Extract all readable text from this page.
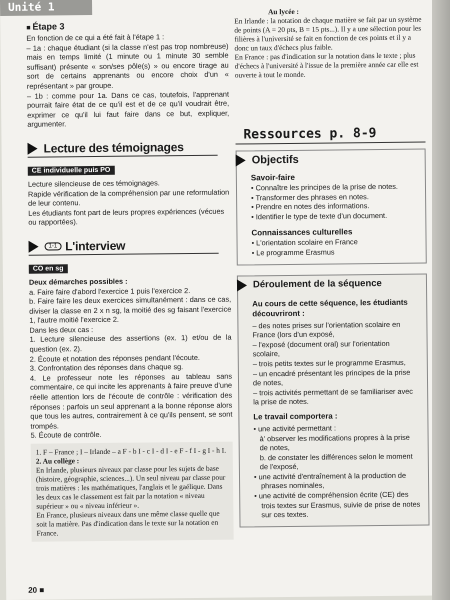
Unité 1
■ Étape 3

En fonction de ce qui a été fait à l'étape 1 :

– 1a : chaque étudiant (si la classe n'est pas trop nombreuse) mais en temps limité (1 minute ou 1 minute 30 semble suffisant) présente « son/ses pôle(s) » ou encore tirage au sort de certains apprenants ou encore choix d'un « représentant » par groupe.

– 1b : comme pour 1a. Dans ce cas, toutefois, l'apprenant pourrait faire état de ce qu'il est et de ce qu'il voudrait être, exprimer ce qu'il lui faut faire dans ce but, expliquer, argumenter.

Lecture des témoignages
CE individuelle puis PO

Lecture silencieuse de ces témoignages.

Rapide vérification de la compréhension par une reformulation de leur contenu.

Les étudiants font part de leurs propres expériences (vécues ou rapportées).

1-1 L'interview
CO en sg

Deux démarches possibles :

a. Faire faire d'abord l'exercice 1 puis l'exercice 2.

b. Faire faire les deux exercices simultanément : dans ce cas, diviser la classe en 2 x n sg, la moitié des sg faisant l'exercice 1, l'autre moitié l'exercice 2.

Dans les deux cas :

1. Lecture silencieuse des assertions (ex. 1) et/ou de la question (ex. 2).

2. Écoute et notation des réponses pendant l'écoute.

3. Confrontation des réponses dans chaque sg.

4. Le professeur note les réponses au tableau sans commentaire, ce qui incite les apprenants à faire preuve d'une réelle attention lors de l'écoute de contrôle : vérification des réponses : parfois un seul apprenant a la bonne réponse alors que tous les autres, contrairement à ce qu'ils pensent, se sont trompés.

5. Écoute de contrôle.

1. F – France ; I – Irlande – a F - b I - c I - d I - e F - f I - g I - h I.

2. Au collège :

En Irlande, plusieurs niveaux par classe pour les sujets de base (histoire, géographie, sciences...). Un seul niveau par classe pour trois matières : les mathématiques, l'anglais et le gaélique. Dans les deux cas le classement est fait par la notation « niveau supérieur » ou « niveau inférieur ».

En France, plusieurs niveaux dans une même classe quelle que soit la matière. Pas d'indication dans le texte sur la notation en France.

Au lycée :

En Irlande : la notation de chaque matière se fait par un système de points (A = 20 pts, B = 15 pts...). Il y a une sélection pour les filières à l'université se fait en fonction de ces points et il y a donc un taux d'échecs plus faible.

En France : pas d'indication sur la notation dans le texte ; plus d'échecs à l'université à l'issue de la première année car elle est ouverte à tout le monde.

Ressources p. 8-9
Objectifs
Savoir-faire
• Connaître les principes de la prise de notes.
• Transformer des phrases en notes.
• Prendre en notes des informations.
• Identifier le type de texte d'un document.
Connaissances culturelles
• L'orientation scolaire en France
• Le programme Erasmus
Déroulement de la séquence
Au cours de cette séquence, les étudiants découvriront :
– des notes prises sur l'orientation scolaire en France (lors d'un exposé,
– l'exposé (document oral) sur l'orientation scolaire,
– trois petits textes sur le programme Erasmus,
– un encadré présentant les principes de la prise de notes,
– trois activités permettant de se familiariser avec la prise de notes.
Le travail comportera :
• une activité permettant :
à' observer les modifications propres à la prise de notes,
b. de constater les différences selon le moment de l'exposé,
• une activité d'entraînement à la production de phrases nominales,
• une activité de compréhension écrite (CE) des trois textes sur Erasmus, suivie de prise de notes sur ces textes.
20 ■
